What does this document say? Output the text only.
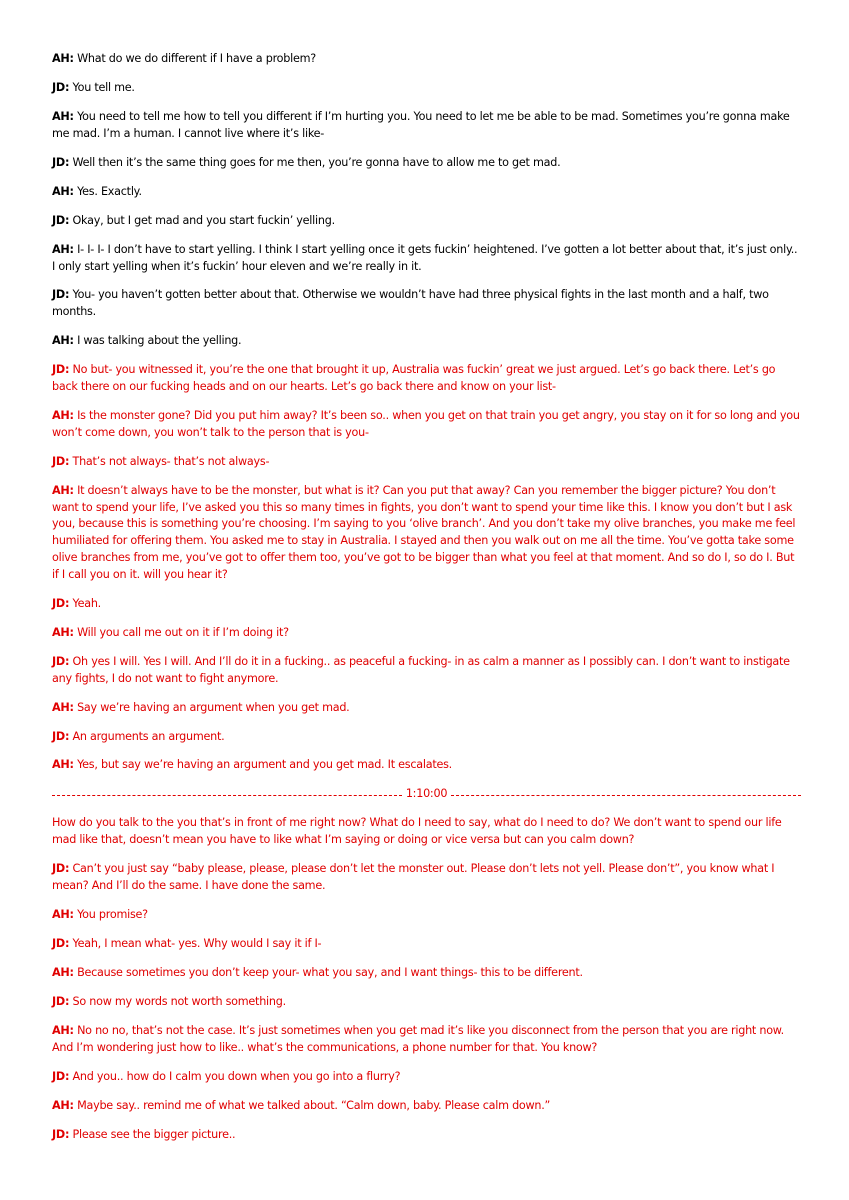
AH: What do we do different if I have a problem?

JD: You tell me.

AH: You need to tell me how to tell you different if I’m hurting you. You need to let me be able to be mad. Sometimes you’re gonna make me mad. I’m a human. I cannot live where it’s like-

JD: Well then it’s the same thing goes for me then, you’re gonna have to allow me to get mad.

AH: Yes. Exactly.

JD: Okay, but I get mad and you start fuckin’ yelling.

AH: I- I- I- I don’t have to start yelling. I think I start yelling once it gets fuckin’ heightened. I’ve gotten a lot better about that, it’s just only.. I only start yelling when it’s fuckin’ hour eleven and we’re really in it.

JD: You- you haven’t gotten better about that. Otherwise we wouldn’t have had three physical fights in the last month and a half, two months.

AH: I was talking about the yelling.

JD: No but- you witnessed it, you’re the one that brought it up, Australia was fuckin’ great we just argued. Let’s go back there. Let’s go back there on our fucking heads and on our hearts. Let’s go back there and know on your list-

AH: Is the monster gone? Did you put him away? It’s been so.. when you get on that train you get angry, you stay on it for so long and you won’t come down, you won’t talk to the person that is you-

JD: That’s not always- that’s not always-

AH: It doesn’t always have to be the monster, but what is it? Can you put that away? Can you remember the bigger picture? You don’t want to spend your life, I’ve asked you this so many times in fights, you don’t want to spend your time like this. I know you don’t but I ask you, because this is something you’re choosing. I’m saying to you ‘olive branch’. And you don’t take my olive branches, you make me feel humiliated for offering them. You asked me to stay in Australia. I stayed and then you walk out on me all the time. You’ve gotta take some olive branches from me, you’ve got to offer them too, you’ve got to be bigger than what you feel at that moment. And so do I, so do I. But if I call you on it. will you hear it?

JD: Yeah.

AH: Will you call me out on it if I’m doing it?

JD: Oh yes I will. Yes I will. And I’ll do it in a fucking.. as peaceful a fucking- in as calm a manner as I possibly can. I don’t want to instigate any fights, I do not want to fight anymore.

AH: Say we’re having an argument when you get mad.

JD: An arguments an argument.

AH: Yes, but say we’re having an argument and you get mad. It escalates.

1:10:00

How do you talk to the you that’s in front of me right now? What do I need to say, what do I need to do? We don’t want to spend our life mad like that, doesn’t mean you have to like what I’m saying or doing or vice versa but can you calm down?

JD: Can’t you just say “baby please, please, please don’t let the monster out. Please don’t lets not yell. Please don’t”, you know what I mean? And I’ll do the same. I have done the same.

AH: You promise?

JD: Yeah, I mean what- yes. Why would I say it if I-

AH: Because sometimes you don’t keep your- what you say, and I want things- this to be different.

JD: So now my words not worth something.

AH: No no no, that’s not the case. It’s just sometimes when you get mad it’s like you disconnect from the person that you are right now. And I’m wondering just how to like.. what’s the communications, a phone number for that. You know?

JD: And you.. how do I calm you down when you go into a flurry?

AH: Maybe say.. remind me of what we talked about. “Calm down, baby. Please calm down.”

JD: Please see the bigger picture..
